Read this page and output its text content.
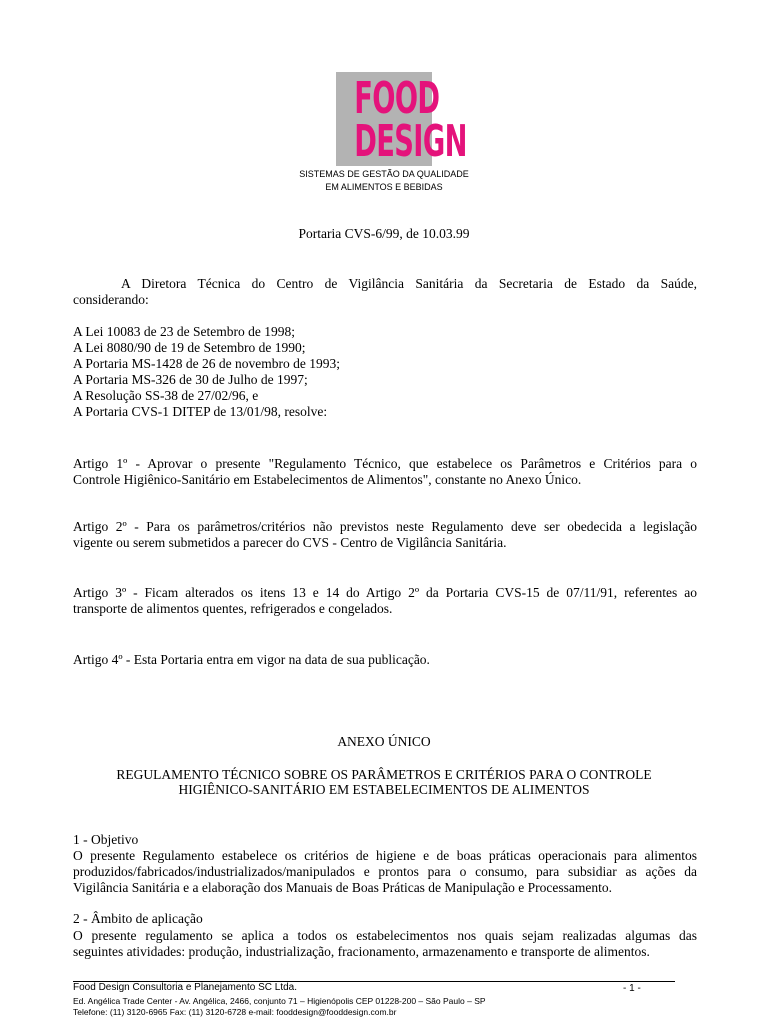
FOOD
DESIGN
SISTEMAS DE GESTÃO DA QUALIDADE
EM ALIMENTOS E BEBIDAS
Portaria CVS-6/99, de 10.03.99
A Diretora Técnica do Centro de Vigilância Sanitária da Secretaria de Estado da Saúde,
considerando:
A Lei 10083 de 23 de Setembro de 1998;
A Lei 8080/90 de 19 de Setembro de 1990;
A Portaria MS-1428 de 26 de novembro de 1993;
A Portaria MS-326 de 30 de Julho de 1997;
A Resolução SS-38 de 27/02/96, e
A Portaria CVS-1 DITEP de 13/01/98, resolve:
Artigo 1º - Aprovar o presente "Regulamento Técnico, que estabelece os Parâmetros e Critérios para o
Controle Higiênico-Sanitário em Estabelecimentos de Alimentos", constante no Anexo Único.
Artigo 2º - Para os parâmetros/critérios não previstos neste Regulamento deve ser obedecida a legislação
vigente ou serem submetidos a parecer do CVS - Centro de Vigilância Sanitária.
Artigo 3º - Ficam alterados os itens 13 e 14 do Artigo 2º da Portaria CVS-15 de 07/11/91, referentes ao
transporte de alimentos quentes, refrigerados e congelados.
Artigo 4º - Esta Portaria entra em vigor na data de sua publicação.
ANEXO ÚNICO
REGULAMENTO TÉCNICO SOBRE OS PARÂMETROS E CRITÉRIOS PARA O CONTROLE
HIGIÊNICO-SANITÁRIO EM ESTABELECIMENTOS DE ALIMENTOS
1 - Objetivo
O presente Regulamento estabelece os critérios de higiene e de boas práticas operacionais para alimentos
produzidos/fabricados/industrializados/manipulados e prontos para o consumo, para subsidiar as ações da
Vigilância Sanitária e a elaboração dos Manuais de Boas Práticas de Manipulação e Processamento.
2 - Âmbito de aplicação
O presente regulamento se aplica a todos os estabelecimentos nos quais sejam realizadas algumas das
seguintes atividades: produção, industrialização, fracionamento, armazenamento e transporte de alimentos.
Food Design Consultoria e Planejamento SC Ltda.	- 1 -
Ed. Angélica Trade Center - Av. Angélica, 2466, conjunto 71 – Higienópolis CEP 01228-200 – São Paulo – SP
Telefone: (11) 3120-6965 Fax: (11) 3120-6728 e-mail: fooddesign@fooddesign.com.br
